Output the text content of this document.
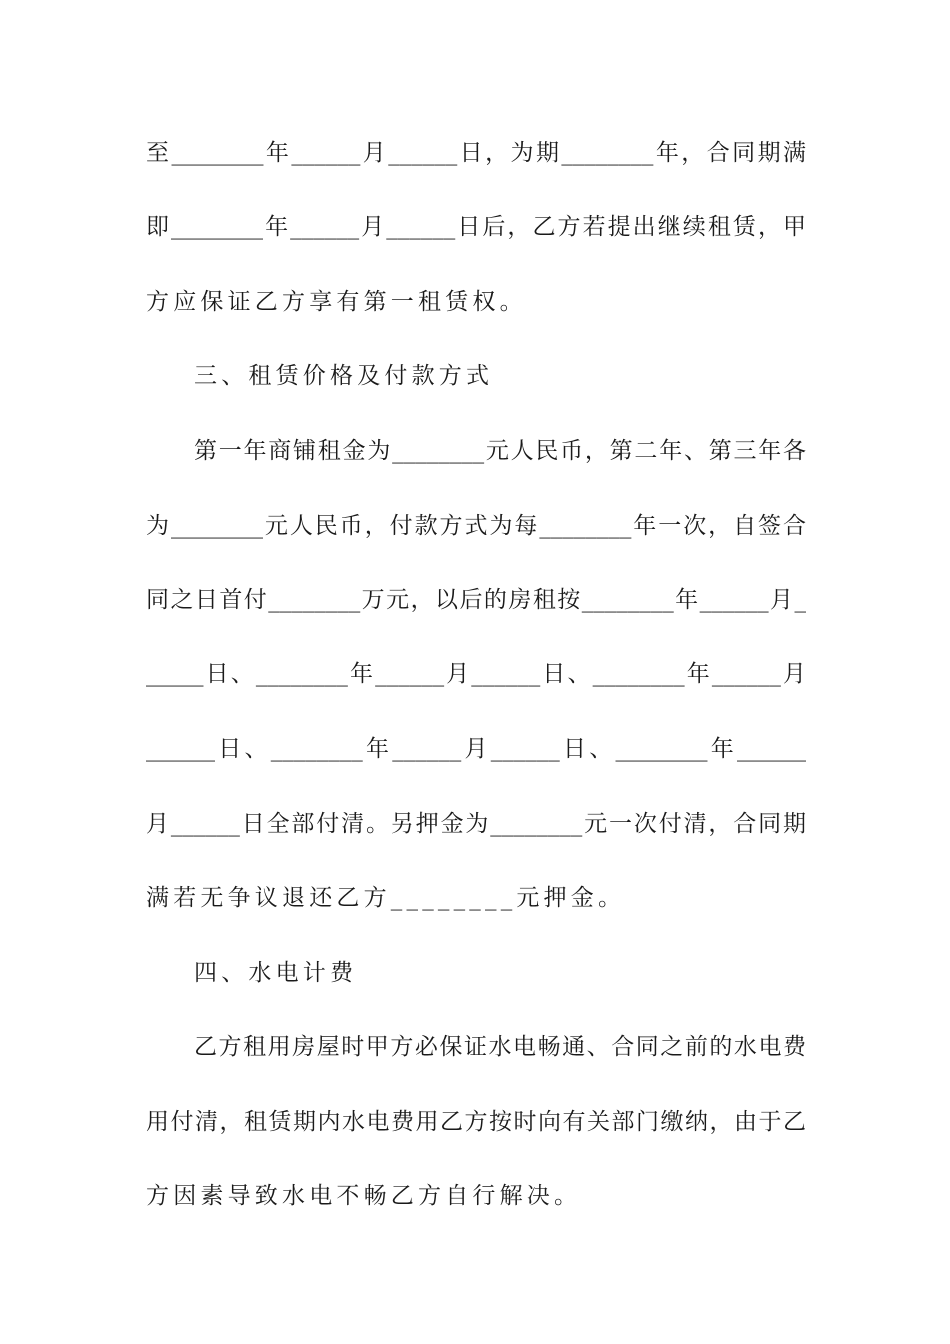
至________年______月______日，为期________年，合同期满
即________年______月______日后，乙方若提出继续租赁，甲
方应保证乙方享有第一租赁权。
三、租赁价格及付款方式
第一年商铺租金为________元人民币，第二年、第三年各
为________元人民币，付款方式为每________年一次，自签合
同之日首付________万元，以后的房租按________年______月_
_____日、________年______月______日、________年______月
______日、________年______月______日、________年______
月______日全部付清。另押金为________元一次付清，合同期
满若无争议退还乙方________元押金。
四、水电计费
乙方租用房屋时甲方必保证水电畅通、合同之前的水电费
用付清，租赁期内水电费用乙方按时向有关部门缴纳，由于乙
方因素导致水电不畅乙方自行解决。
